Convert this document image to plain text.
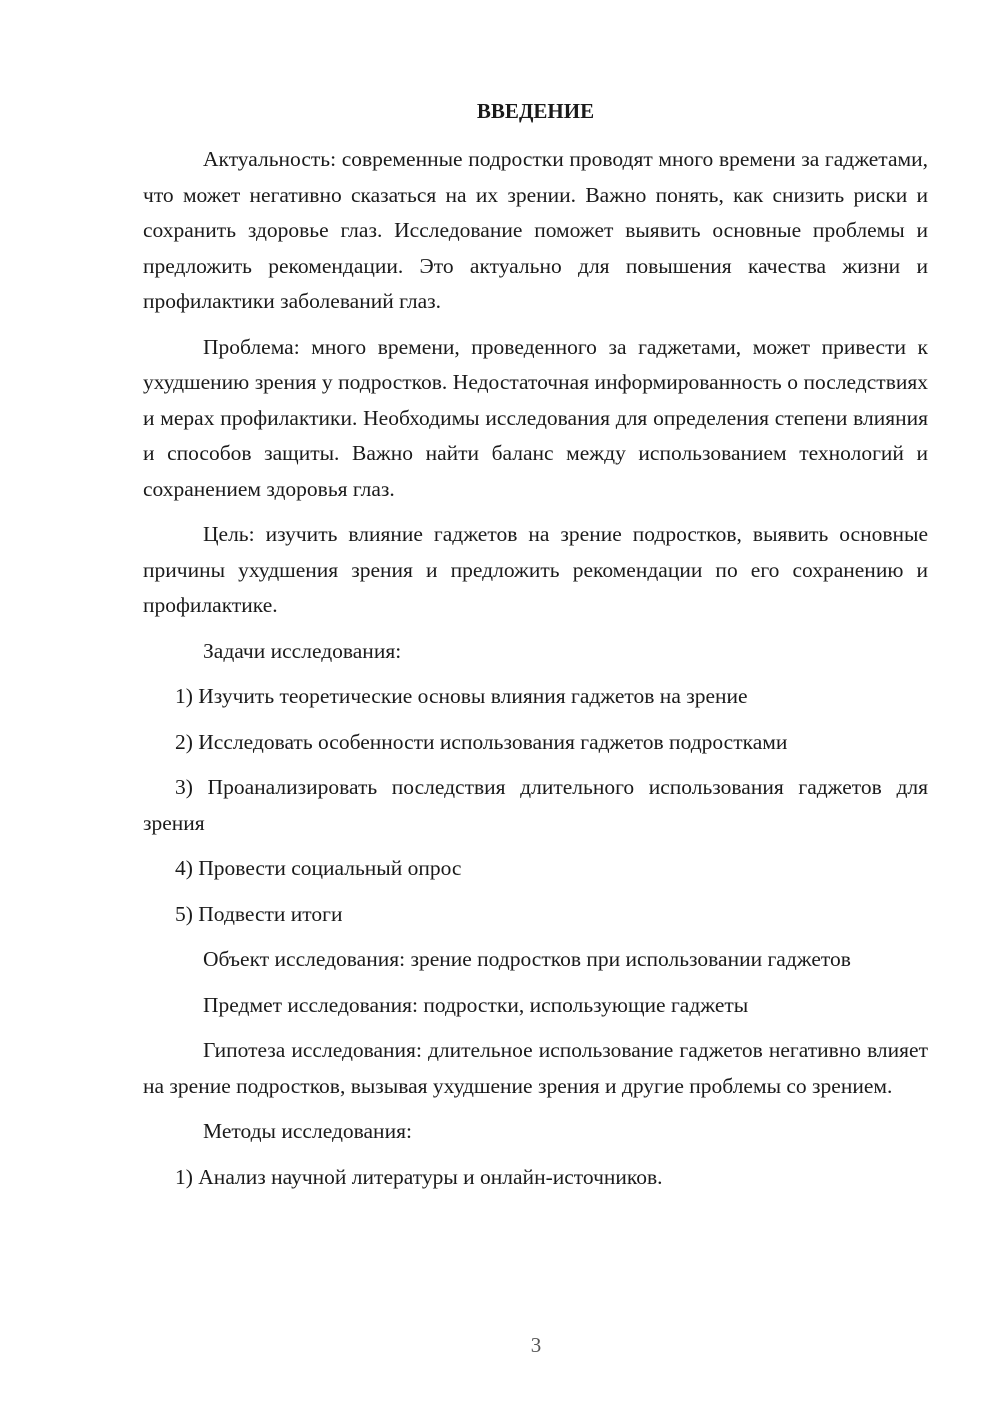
ВВЕДЕНИЕ

Актуальность: современные подростки проводят много времени за гаджетами, что может негативно сказаться на их зрении. Важно понять, как снизить риски и сохранить здоровье глаз. Исследование поможет выявить основные проблемы и предложить рекомендации. Это актуально для повышения качества жизни и профилактики заболеваний глаз.

Проблема: много времени, проведенного за гаджетами, может привести к ухудшению зрения у подростков. Недостаточная информированность о последствиях и мерах профилактики. Необходимы исследования для определения степени влияния и способов защиты. Важно найти баланс между использованием технологий и сохранением здоровья глаз.

Цель: изучить влияние гаджетов на зрение подростков, выявить основные причины ухудшения зрения и предложить рекомендации по его сохранению и профилактике.

Задачи исследования:

1) Изучить теоретические основы влияния гаджетов на зрение

2) Исследовать особенности использования гаджетов подростками

3) Проанализировать последствия длительного использования гаджетов для зрения

4) Провести социальный опрос

5) Подвести итоги

Объект исследования: зрение подростков при использовании гаджетов

Предмет исследования: подростки, использующие гаджеты

Гипотеза исследования: длительное использование гаджетов негативно влияет на зрение подростков, вызывая ухудшение зрения и другие проблемы со зрением.

Методы исследования:

1) Анализ научной литературы и онлайн-источников.

3
